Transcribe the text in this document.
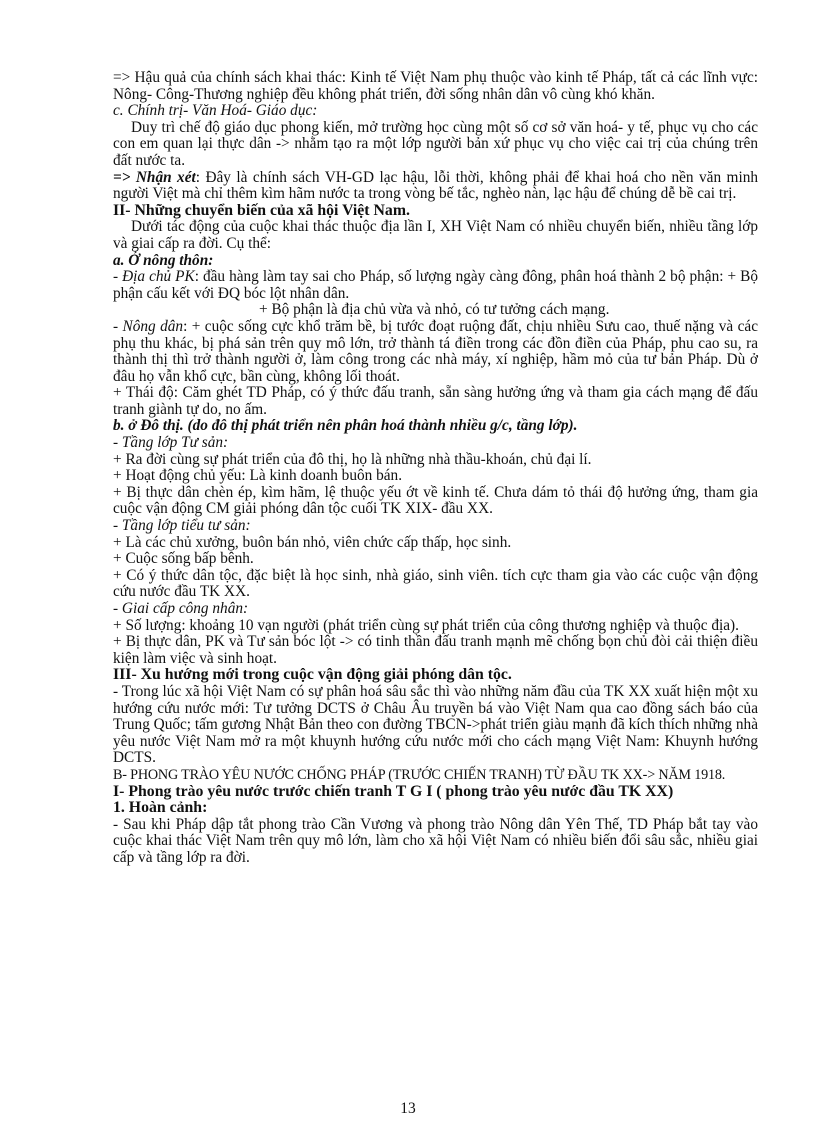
=> Hậu quả của chính sách khai thác: Kinh tế Việt Nam phụ thuộc vào kinh tế Pháp, tất cả các lĩnh vực: Nông- Công-Thương nghiệp đều không phát triển, đời sống nhân dân vô cùng khó khăn.

c. Chính trị- Văn Hoá- Giáo dục:

Duy trì chế độ giáo dục phong kiến, mở trường học cùng một số cơ sở văn hoá- y tế, phục vụ cho các con em quan lại thực dân -> nhằm tạo ra một lớp người bản xứ phục vụ cho việc cai trị của chúng trên đất nước ta.

=> Nhận xét: Đây là chính sách VH-GD lạc hậu, lỗi thời, không phải để khai hoá cho nền văn minh người Việt mà chỉ thêm kìm hãm nước ta trong vòng bế tắc, nghèo nàn, lạc hậu để chúng dễ bề cai trị.

II- Những chuyển biến của xã hội Việt Nam.

Dưới tác động của cuộc khai thác thuộc địa lần I, XH Việt Nam có nhiều chuyển biến, nhiều tầng lớp và giai cấp ra đời. Cụ thể:

a. Ở nông thôn:

- Địa chủ PK: đầu hàng làm tay sai cho Pháp, số lượng ngày càng đông, phân hoá thành 2 bộ phận: + Bộ phận cấu kết với ĐQ bóc lột nhân dân.

+ Bộ phận là địa chủ vừa và nhỏ, có tư tưởng cách mạng.

- Nông dân: + cuộc sống cực khổ trăm bề, bị tước đoạt ruộng đất, chịu nhiều Sưu cao, thuế nặng và các phụ thu khác, bị phá sản trên quy mô lớn, trở thành tá điền trong các đồn điền của Pháp, phu cao su, ra thành thị thì trở thành người ở, làm công trong các nhà máy, xí nghiệp, hầm mỏ của tư bản Pháp. Dù ở đâu họ vẫn khổ cực, bần cùng, không lối thoát.

+ Thái độ: Căm ghét TD Pháp, có ý thức đấu tranh, sẵn sàng hưởng ứng và tham gia cách mạng để đấu tranh giành tự do, no ấm.

b. ở Đô thị. (do đô thị phát triển nên phân hoá thành nhiều g/c, tầng lớp).

- Tầng lớp Tư sản:

+ Ra đời cùng sự phát triển của đô thị, họ là những nhà thầu-khoán, chủ đại lí.

+ Hoạt động chủ yếu: Là kinh doanh buôn bán.

+ Bị thực dân chèn ép, kìm hãm, lệ thuộc yếu ớt về kinh tế. Chưa dám tỏ thái độ hưởng ứng, tham gia cuộc vận động CM giải phóng dân tộc cuối TK XIX- đầu XX.

- Tầng lớp tiểu tư sản:

+ Là các chủ xưởng, buôn bán nhỏ, viên chức cấp thấp, học sinh.

+ Cuộc sống bấp bênh.

+ Có ý thức dân tộc, đặc biệt là học sinh, nhà giáo, sinh viên. tích cực tham gia vào các cuộc vận động cứu nước đầu TK XX.

- Giai cấp công nhân:

+ Số lượng: khoảng 10 vạn người (phát triển cùng sự phát triển của công thương nghiệp và thuộc địa).

+ Bị thực dân, PK và Tư sản bóc lột -> có tinh thần đấu tranh mạnh mẽ chống bọn chủ đòi cải thiện điều kiện làm việc và sinh hoạt.

III- Xu hướng mới trong cuộc vận động giải phóng dân tộc.

- Trong lúc xã hội Việt Nam có sự phân hoá sâu sắc thì vào những năm đầu của TK XX xuất hiện một xu hướng cứu nước mới: Tư tưởng DCTS ở Châu Âu truyền bá vào Việt Nam qua cao đồng sách báo của Trung Quốc; tấm gương Nhật Bản theo con đường TBCN->phát triển giàu mạnh đã kích thích những nhà yêu nước Việt Nam mở ra một khuynh hướng cứu nước mới cho cách mạng Việt Nam: Khuynh hướng DCTS.

B- PHONG TRÀO YÊU NƯỚC CHỐNG PHÁP (TRƯỚC CHIẾN TRANH) TỪ ĐẦU TK XX-> NĂM 1918.

I- Phong trào yêu nước trước chiến tranh T G I ( phong trào yêu nước đầu TK XX)

1. Hoàn cảnh:

- Sau khi Pháp dập tắt phong trào Cần Vương và phong trào Nông dân Yên Thế, TD Pháp bắt tay vào cuộc khai thác Việt Nam trên quy mô lớn, làm cho xã hội Việt Nam có nhiều biến đổi sâu sắc, nhiều giai cấp và tầng lớp ra đời.

13
